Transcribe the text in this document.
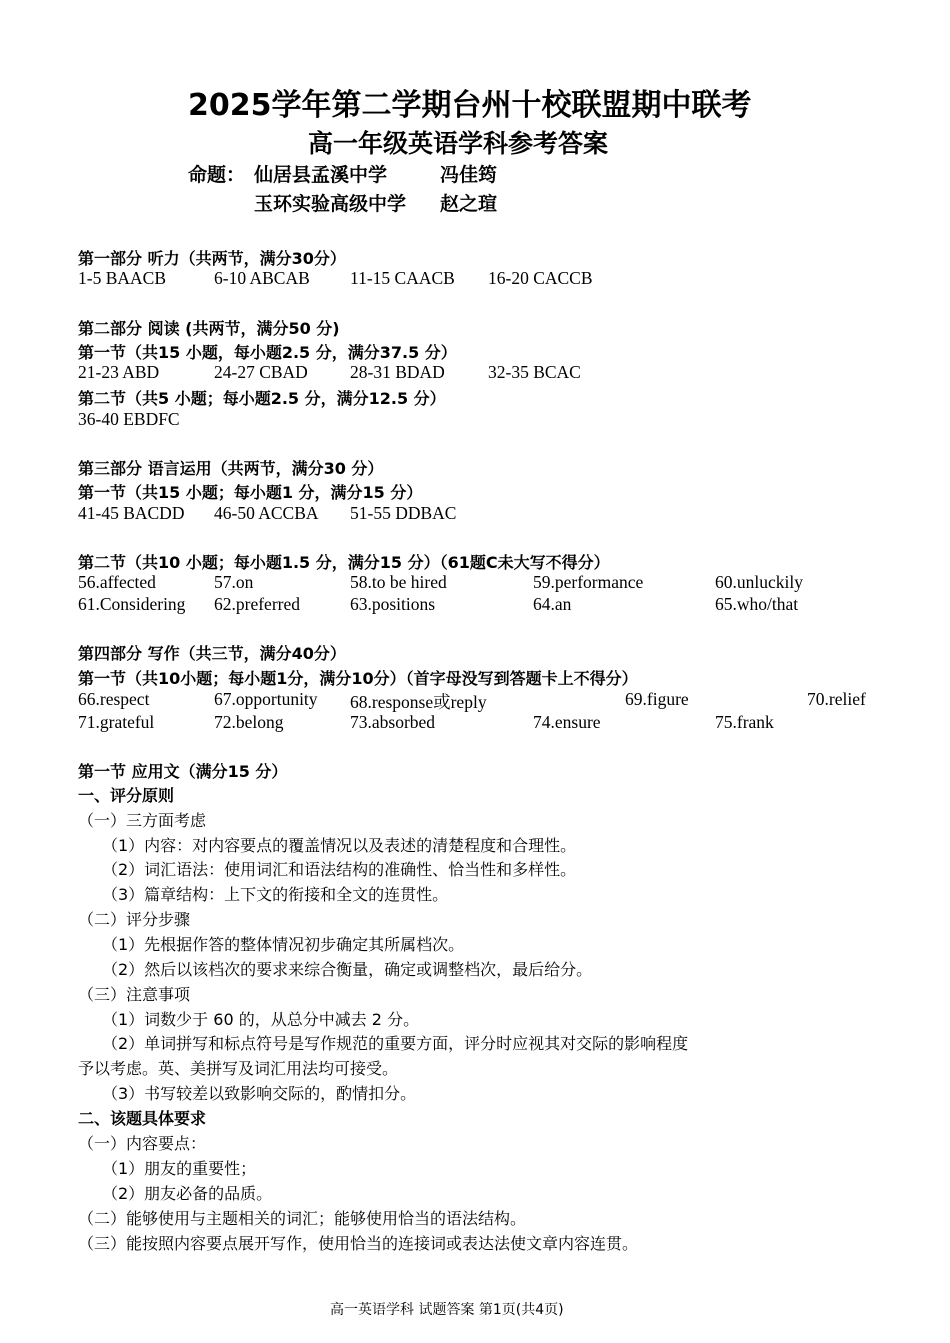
2025学年第二学期台州十校联盟期中联考
高一年级英语学科参考答案
命题： 仙居县孟溪中学	冯佳筠
玉环实验高级中学 赵之瑄
第一部分 听力（共两节，满分30分）
1-5 BAACB	6-10 ABCAB 11-15 CAACB 16-20 CACCB
第二部分 阅读 (共两节，满分50 分)
第一节（共15 小题，每小题2.5 分，满分37.5 分）
21-23 ABD	24-27 CBAD 28-31 BDAD 32-35 BCAC
第二节（共5 小题；每小题2.5 分，满分12.5 分）
36-40 EBDFC
第三部分 语言运用（共两节，满分30 分）
第一节（共15 小题；每小题1 分，满分15 分）
41-45 BACDD 46-50 ACCBA 51-55 DDBAC
第二节（共10 小题；每小题1.5 分，满分15 分）（61题C未大写不得分）
56.affected	57.on	58.to be hired	59.performance	60.unluckily
61.Considering 62.preferred	63.positions	64.an	65.who/that
第四部分 写作（共三节，满分40分）
第一节（共10小题；每小题1分，满分10分）（首字母没写到答题卡上不得分）
66.respect	67.opportunity 68.response或reply	69.figure	70.relief
71.grateful	72.belong	73.absorbed	74.ensure	75.frank
第一节 应用文（满分15 分）
一、评分原则
（一）三方面考虑
（1）内容：对内容要点的覆盖情况以及表述的清楚程度和合理性。
（2）词汇语法：使用词汇和语法结构的准确性、恰当性和多样性。
（3）篇章结构：上下文的衔接和全文的连贯性。
（二）评分步骤
（1）先根据作答的整体情况初步确定其所属档次。
（2）然后以该档次的要求来综合衡量，确定或调整档次，最后给分。
（三）注意事项
（1）词数少于 60 的，从总分中减去 2 分。
（2）单词拼写和标点符号是写作规范的重要方面，评分时应视其对交际的影响程度
予以考虑。英、美拼写及词汇用法均可接受。
（3）书写较差以致影响交际的，酌情扣分。
二、该题具体要求
（一）内容要点：
（1）朋友的重要性；
（2）朋友必备的品质。
（二）能够使用与主题相关的词汇；能够使用恰当的语法结构。
（三）能按照内容要点展开写作，使用恰当的连接词或表达法使文章内容连贯。
高一英语学科 试题答案 第1页(共4页)
